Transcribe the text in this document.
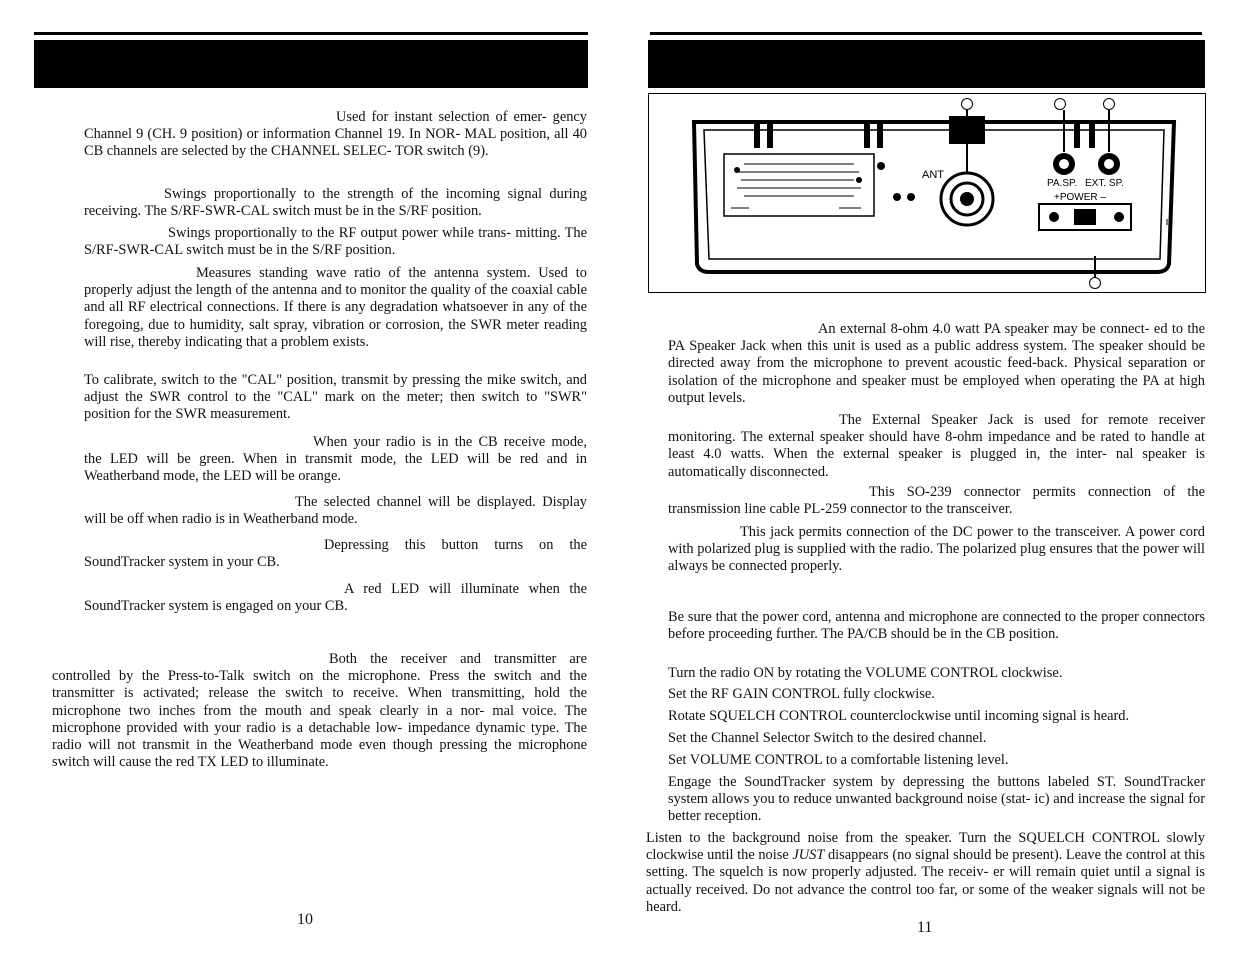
Used for instant selection of emer- gency Channel 9 (CH. 9 position) or information Channel 19. In NOR- MAL position, all 40 CB channels are selected by the CHANNEL SELEC- TOR switch (9).

Swings proportionally to the strength of the incoming signal during receiving. The S/RF-SWR-CAL switch must be in the S/RF position.

Swings proportionally to the RF output power while trans- mitting. The S/RF-SWR-CAL switch must be in the S/RF position.

Measures standing wave ratio of the antenna system. Used to properly adjust the length of the antenna and to monitor the quality of the coaxial cable and all RF electrical connections. If there is any degradation whatsoever in any of the foregoing, due to humidity, salt spray, vibration or corrosion, the SWR meter reading will rise, thereby indicating that a problem exists.

To calibrate, switch to the "CAL" position, transmit by pressing the mike switch, and adjust the SWR control to the "CAL" mark on the meter; then switch to "SWR" position for the SWR measurement.

When your radio is in the CB receive mode, the LED will be green. When in transmit mode, the LED will be red and in Weatherband mode, the LED will be orange.

The selected channel will be displayed. Display will be off when radio is in Weatherband mode.

Depressing this button turns on the SoundTracker system in your CB.

A red LED will illuminate when the SoundTracker system is engaged on your CB.

Both the receiver and transmitter are controlled by the Press-to-Talk switch on the microphone. Press the switch and the transmitter is activated; release the switch to receive. When transmitting, hold the microphone two inches from the mouth and speak clearly in a nor- mal voice. The microphone provided with your radio is a detachable low- impedance dynamic type. The radio will not transmit in the Weatherband mode even though pressing the microphone switch will cause the red TX LED to illuminate.

10
ANT
PA.SP. EXT. SP.
+POWER –

An external 8-ohm 4.0 watt PA speaker may be connect- ed to the PA Speaker Jack when this unit is used as a public address system. The speaker should be directed away from the microphone to prevent acoustic feed-back. Physical separation or isolation of the microphone and speaker must be employed when operating the PA at high output levels.

The External Speaker Jack is used for remote receiver monitoring. The external speaker should have 8-ohm impedance and be rated to handle at least 4.0 watts. When the external speaker is plugged in, the inter- nal speaker is automatically disconnected.

This SO-239 connector permits connection of the transmission line cable PL-259 connector to the transceiver.

This jack permits connection of the DC power to the transceiver. A power cord with polarized plug is supplied with the radio. The polarized plug ensures that the power will always be connected properly.

Be sure that the power cord, antenna and microphone are connected to the proper connectors before proceeding further. The PA/CB should be in the CB position.

Turn the radio ON by rotating the VOLUME CONTROL clockwise.

Set the RF GAIN CONTROL fully clockwise.

Rotate SQUELCH CONTROL counterclockwise until incoming signal is heard.

Set the Channel Selector Switch to the desired channel.

Set VOLUME CONTROL to a comfortable listening level.

Engage the SoundTracker system by depressing the buttons labeled ST. SoundTracker system allows you to reduce unwanted background noise (stat- ic) and increase the signal for better reception.

Listen to the background noise from the speaker. Turn the SQUELCH CONTROL slowly clockwise until the noise JUST disappears (no signal should be present). Leave the control at this setting. The squelch is now properly adjusted. The receiv- er will remain quiet until a signal is actually received. Do not advance the control too far, or some of the weaker signals will not be heard.

11
